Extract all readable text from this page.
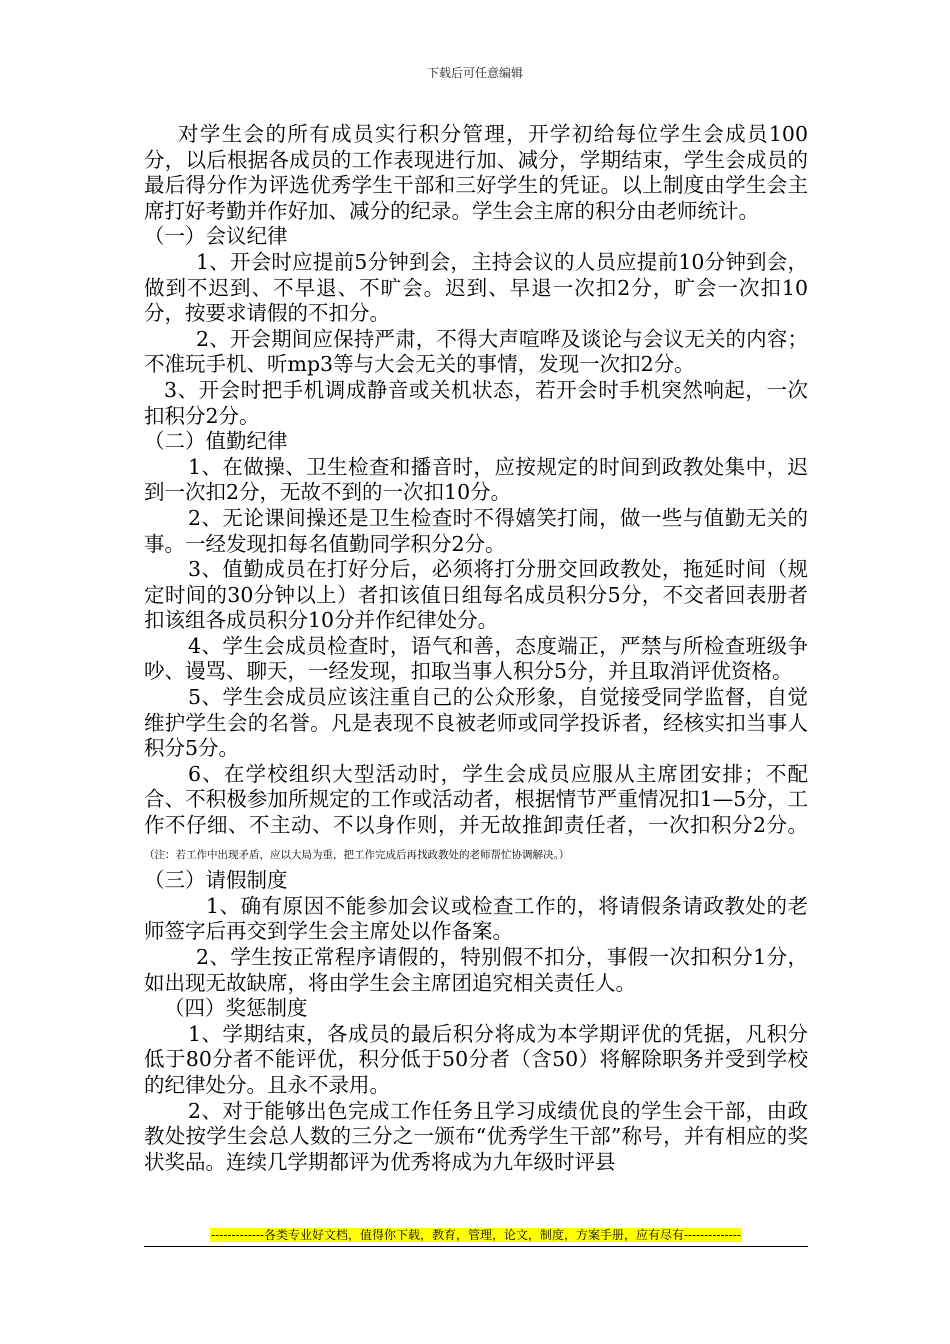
下载后可任意编辑

对学生会的所有成员实行积分管理，开学初给每位学生会成员100分，以后根据各成员的工作表现进行加、减分，学期结束，学生会成员的最后得分作为评选优秀学生干部和三好学生的凭证。以上制度由学生会主席打好考勤并作好加、减分的纪录。学生会主席的积分由老师统计。

（一）会议纪律

1、开会时应提前5分钟到会，主持会议的人员应提前10分钟到会，做到不迟到、不早退、不旷会。迟到、早退一次扣2分，旷会一次扣10分，按要求请假的不扣分。

2、开会期间应保持严肃，不得大声喧哗及谈论与会议无关的内容；不准玩手机、听mp3等与大会无关的事情，发现一次扣2分。

3、开会时把手机调成静音或关机状态，若开会时手机突然响起，一次扣积分2分。

（二）值勤纪律

1、在做操、卫生检查和播音时，应按规定的时间到政教处集中，迟到一次扣2分，无故不到的一次扣10分。

2、无论课间操还是卫生检查时不得嬉笑打闹，做一些与值勤无关的事。一经发现扣每名值勤同学积分2分。

3、值勤成员在打好分后，必须将打分册交回政教处，拖延时间（规定时间的30分钟以上）者扣该值日组每名成员积分5分，不交者回表册者扣该组各成员积分10分并作纪律处分。

4、学生会成员检查时，语气和善，态度端正，严禁与所检查班级争吵、谩骂、聊天，一经发现，扣取当事人积分5分，并且取消评优资格。

5、学生会成员应该注重自己的公众形象，自觉接受同学监督，自觉维护学生会的名誉。凡是表现不良被老师或同学投诉者，经核实扣当事人积分5分。

6、在学校组织大型活动时，学生会成员应服从主席团安排；不配合、不积极参加所规定的工作或活动者，根据情节严重情况扣1—5分，工作不仔细、不主动、不以身作则，并无故推卸责任者，一次扣积分2分。（注：若工作中出现矛盾，应以大局为重，把工作完成后再找政教处的老师帮忙协调解决。）

（三）请假制度

1、确有原因不能参加会议或检查工作的，将请假条请政教处的老师签字后再交到学生会主席处以作备案。

2、学生按正常程序请假的，特别假不扣分，事假一次扣积分1分，如出现无故缺席，将由学生会主席团追究相关责任人。

（四）奖惩制度

1、学期结束，各成员的最后积分将成为本学期评优的凭据，凡积分低于80分者不能评优，积分低于50分者（含50）将解除职务并受到学校的纪律处分。且永不录用。

2、对于能够出色完成工作任务且学习成绩优良的学生会干部，由政教处按学生会总人数的三分之一颁布“优秀学生干部”称号，并有相应的奖状奖品。连续几学期都评为优秀将成为九年级时评县

-------------各类专业好文档，值得你下载，教育，管理，论文，制度，方案手册，应有尽有--------------
